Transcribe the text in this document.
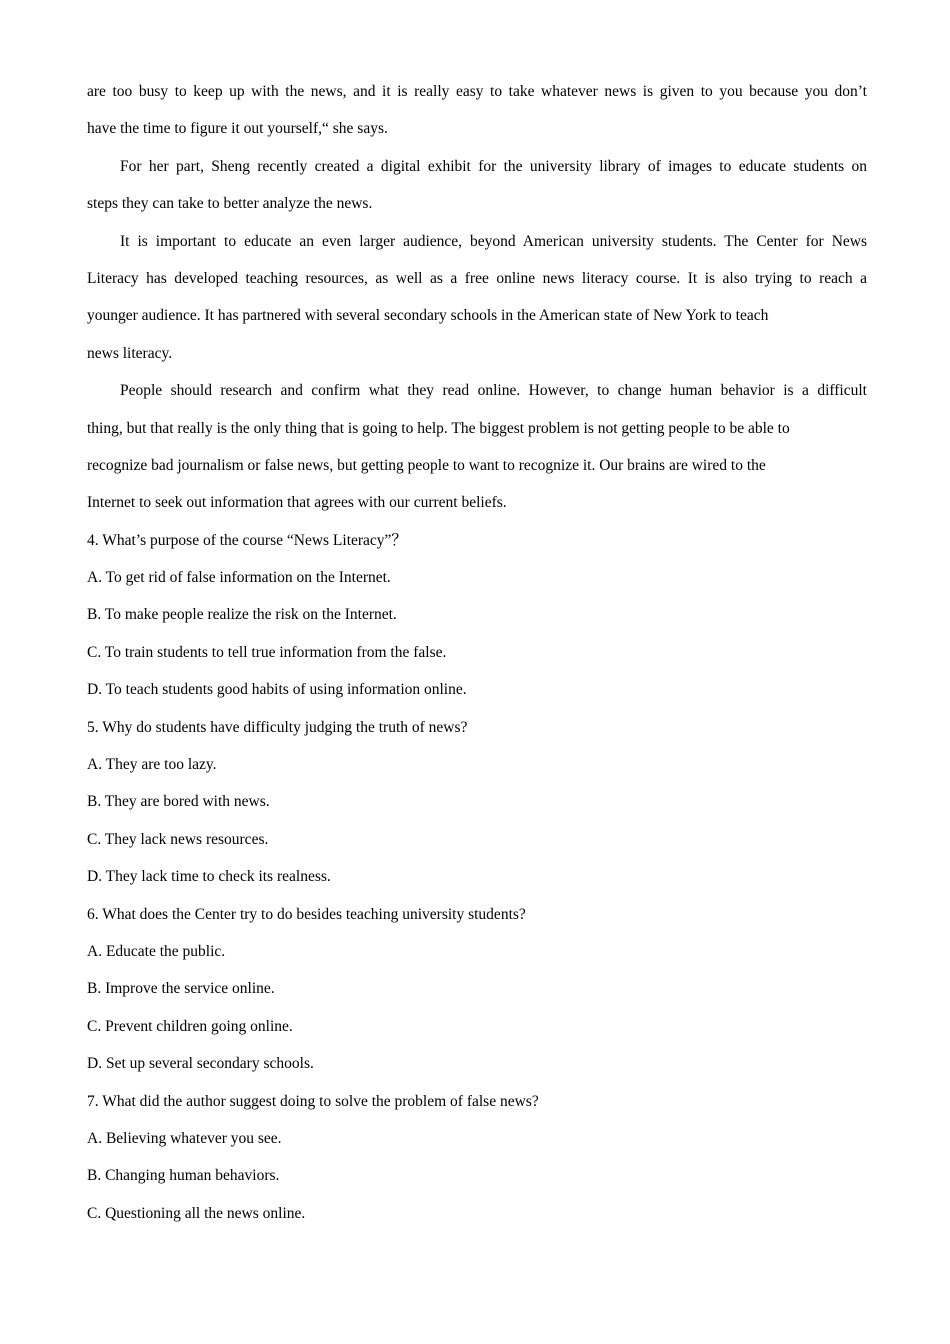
are too busy to keep up with the news, and it is really easy to take whatever news is given to you because you don’t
have the time to figure it out yourself,“ she says.
For her part, Sheng recently created a digital exhibit for the university library of images to educate students on
steps they can take to better analyze the news.
It is important to educate an even larger audience, beyond American university students. The Center for News
Literacy has developed teaching resources, as well as a free online news literacy course. It is also trying to reach a
younger audience. It has partnered with several secondary schools in the American state of New York to teach
news literacy.
People should research and confirm what they read online. However, to change human behavior is a difficult
thing, but that really is the only thing that is going to help. The biggest problem is not getting people to be able to
recognize bad journalism or false news, but getting people to want to recognize it. Our brains are wired to the
Internet to seek out information that agrees with our current beliefs.
4. What’s purpose of the course “News Literacy”？
A. To get rid of false information on the Internet.
B. To make people realize the risk on the Internet.
C. To train students to tell true information from the false.
D. To teach students good habits of using information online.
5. Why do students have difficulty judging the truth of news?
A. They are too lazy.
B. They are bored with news.
C. They lack news resources.
D. They lack time to check its realness.
6. What does the Center try to do besides teaching university students?
A. Educate the public.
B. Improve the service online.
C. Prevent children going online.
D. Set up several secondary schools.
7. What did the author suggest doing to solve the problem of false news?
A. Believing whatever you see.
B. Changing human behaviors.
C. Questioning all the news online.
